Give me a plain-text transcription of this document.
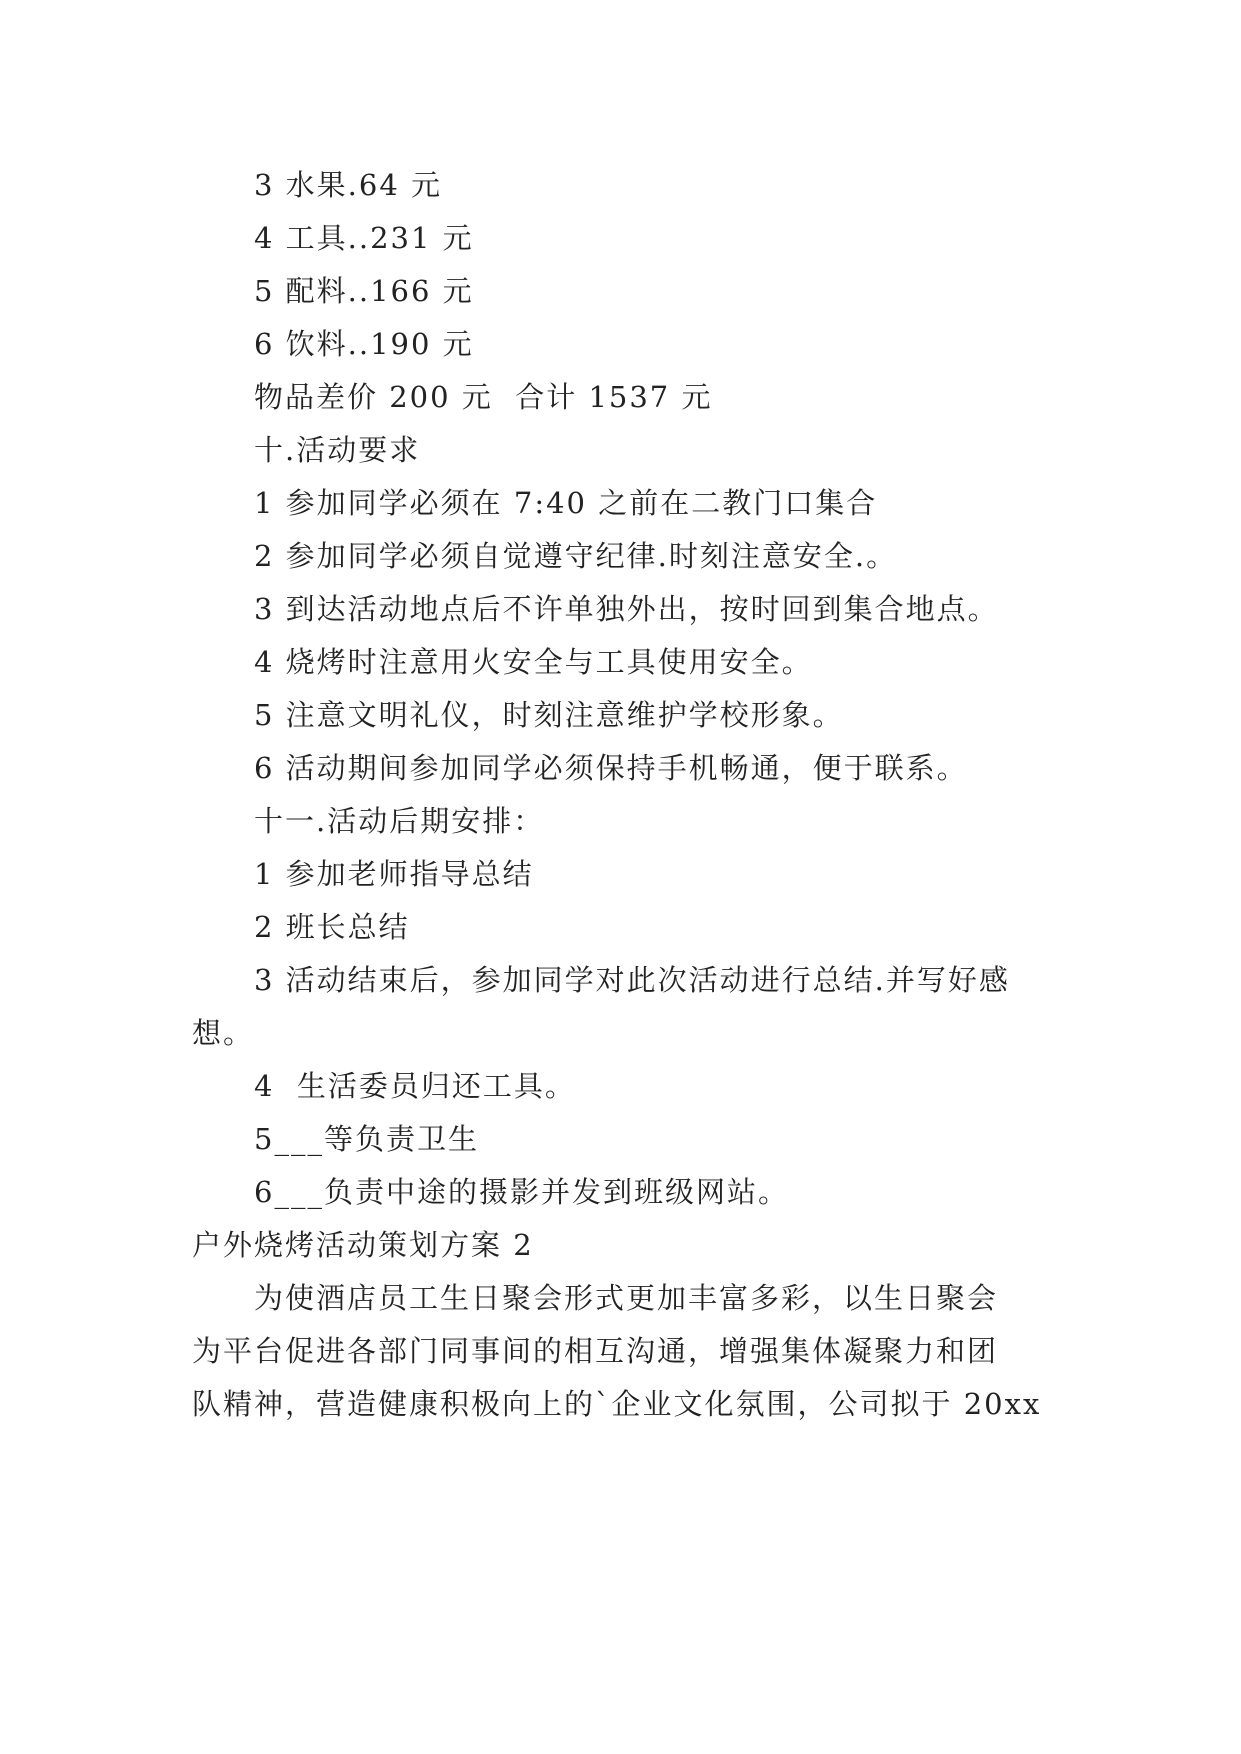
3 水果.64 元
4 工具..231 元
5 配料..166 元
6 饮料..190 元
物品差价 200 元  合计 1537 元
十.活动要求
1 参加同学必须在 7:40 之前在二教门口集合
2 参加同学必须自觉遵守纪律.时刻注意安全.。
3 到达活动地点后不许单独外出，按时回到集合地点。
4 烧烤时注意用火安全与工具使用安全。
5 注意文明礼仪，时刻注意维护学校形象。
6 活动期间参加同学必须保持手机畅通，便于联系。
十一.活动后期安排：
1 参加老师指导总结
2 班长总结
3 活动结束后，参加同学对此次活动进行总结.并写好感
想。
4  生活委员归还工具。
5___等负责卫生
6___负责中途的摄影并发到班级网站。
户外烧烤活动策划方案 2
为使酒店员工生日聚会形式更加丰富多彩，以生日聚会
为平台促进各部门同事间的相互沟通，增强集体凝聚力和团
队精神，营造健康积极向上的`企业文化氛围，公司拟于 20xx
